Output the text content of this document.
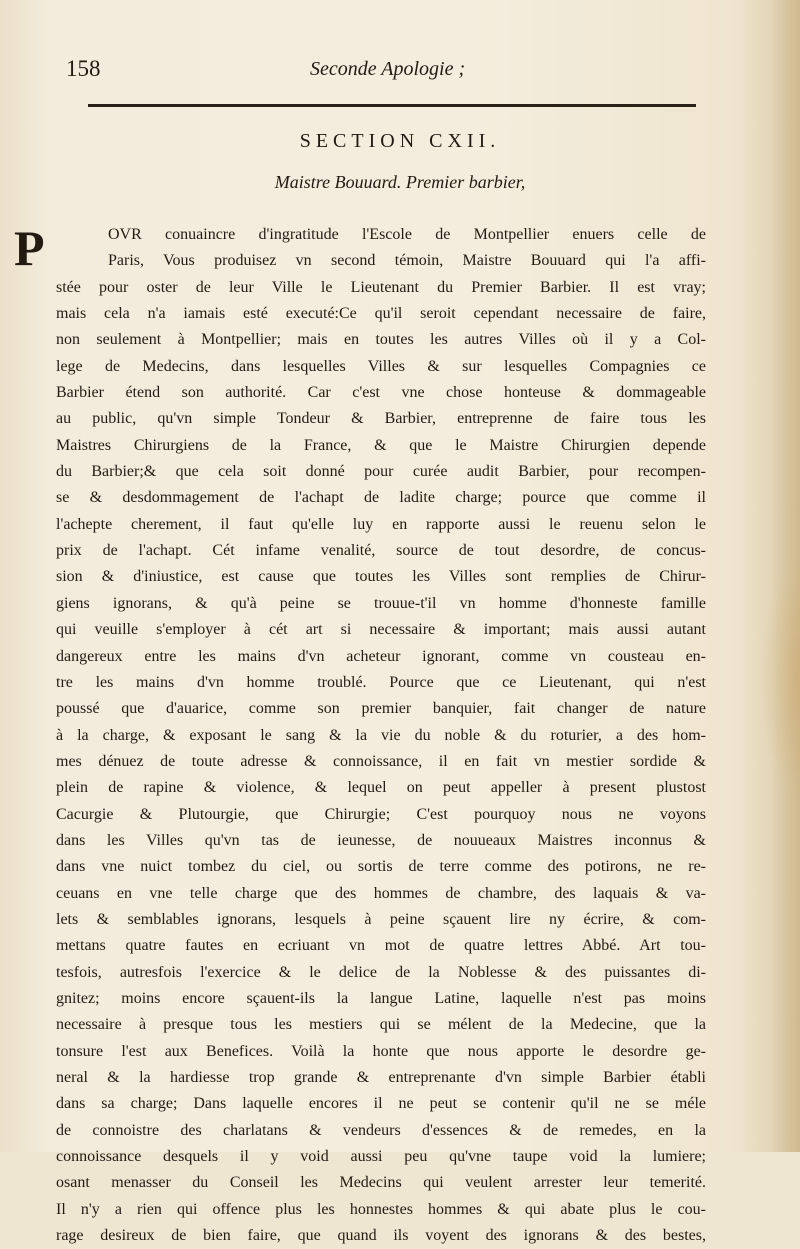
158	Seconde Apologie ;
SECTION CXII.
Maistre Bouuard. Premier barbier,
P	OVR conuaincre d'ingratitude l'Escole de Montpellier enuers celle de
Paris, Vous produisez vn second témoin, Maistre Bouuard qui l'a affi-
stée pour oster de leur Ville le Lieutenant du Premier Barbier. Il est vray;
mais cela n'a iamais esté executé:Ce qu'il seroit cependant necessaire de faire,
non seulement à Montpellier; mais en toutes les autres Villes où il y a Col-
lege de Medecins, dans lesquelles Villes & sur lesquelles Compagnies ce
Barbier étend son authorité. Car c'est vne chose honteuse & dommageable
au public, qu'vn simple Tondeur & Barbier, entreprenne de faire tous les
Maistres Chirurgiens de la France, & que le Maistre Chirurgien depende
du Barbier;& que cela soit donné pour curée audit Barbier, pour recompen-
se & desdommagement de l'achapt de ladite charge; pource que comme il
l'achepte cherement, il faut qu'elle luy en rapporte aussi le reuenu selon le
prix de l'achapt. Cét infame venalité, source de tout desordre, de concus-
sion & d'iniustice, est cause que toutes les Villes sont remplies de Chirur-
giens ignorans, & qu'à peine se trouue-t'il vn homme d'honneste famille
qui veuille s'employer à cét art si necessaire & important; mais aussi autant
dangereux entre les mains d'vn acheteur ignorant, comme vn cousteau en-
tre les mains d'vn homme troublé. Pource que ce Lieutenant, qui n'est
poussé que d'auarice, comme son premier banquier, fait changer de nature
à la charge, & exposant le sang & la vie du noble & du roturier, a des hom-
mes dénuez de toute adresse & connoissance, il en fait vn mestier sordide &
plein de rapine & violence, & lequel on peut appeller à present plustost
Cacurgie & Plutourgie, que Chirurgie; C'est pourquoy nous ne voyons
dans les Villes qu'vn tas de ieunesse, de nouueaux Maistres inconnus &
dans vne nuict tombez du ciel, ou sortis de terre comme des potirons, ne re-
ceuans en vne telle charge que des hommes de chambre, des laquais & va-
lets & semblables ignorans, lesquels à peine sçauent lire ny écrire, & com-
mettans quatre fautes en ecriuant vn mot de quatre lettres Abbé. Art tou-
tesfois, autresfois l'exercice & le delice de la Noblesse & des puissantes di-
gnitez; moins encore sçauent-ils la langue Latine, laquelle n'est pas moins
necessaire à presque tous les mestiers qui se mélent de la Medecine, que la
tonsure l'est aux Benefices. Voilà la honte que nous apporte le desordre ge-
neral & la hardiesse trop grande & entreprenante d'vn simple Barbier établi
dans sa charge; Dans laquelle encores il ne peut se contenir qu'il ne se méle
de connoistre des charlatans & vendeurs d'essences & de remedes, en la
connoissance desquels il y void aussi peu qu'vne taupe void la lumiere;
osant menasser du Conseil les Medecins qui veulent arrester leur temerité.
Il n'y a rien qui offence plus les honnestes hommes & qui abate plus le cou-
rage desireux de bien faire, que quand ils voyent des ignorans & des bestes,
